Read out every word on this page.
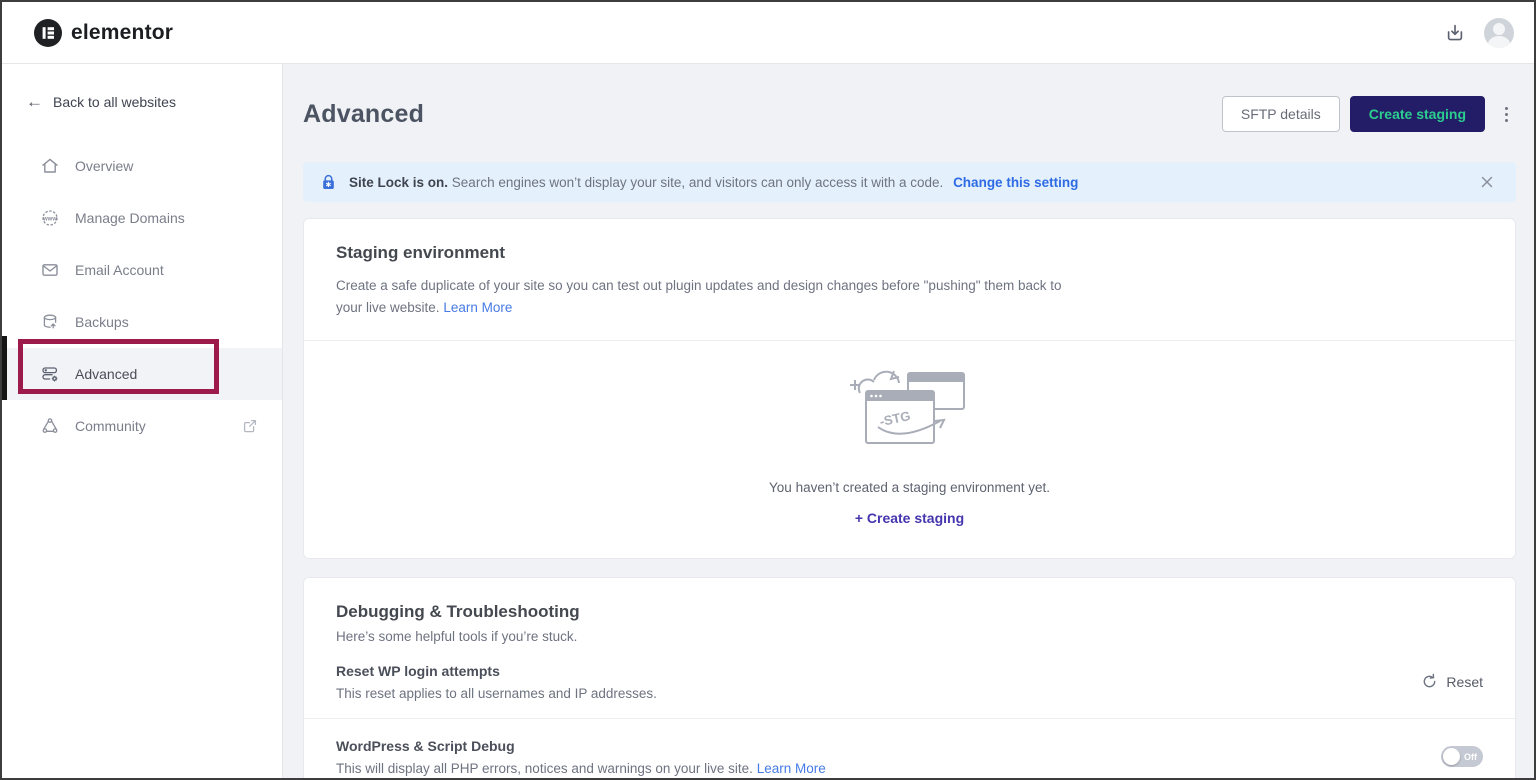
elementor
← Back to all websites
Overview
www Manage Domains
Email Account
Backups
Advanced
Community
Advanced	SFTP details	Create staging
✱ Site Lock is on. Search engines won’t display your site, and visitors can only access it with a code. Change this setting
Staging environment
Create a safe duplicate of your site so you can test out plugin updates and design changes before "pushing" them back to your live website. Learn More
-STG
You haven’t created a staging environment yet.
+ Create staging
Debugging & Troubleshooting
Here’s some helpful tools if you’re stuck.
Reset WP login attempts
This reset applies to all usernames and IP addresses.
Reset
WordPress & Script Debug
This will display all PHP errors, notices and warnings on your live site. Learn More
Off
